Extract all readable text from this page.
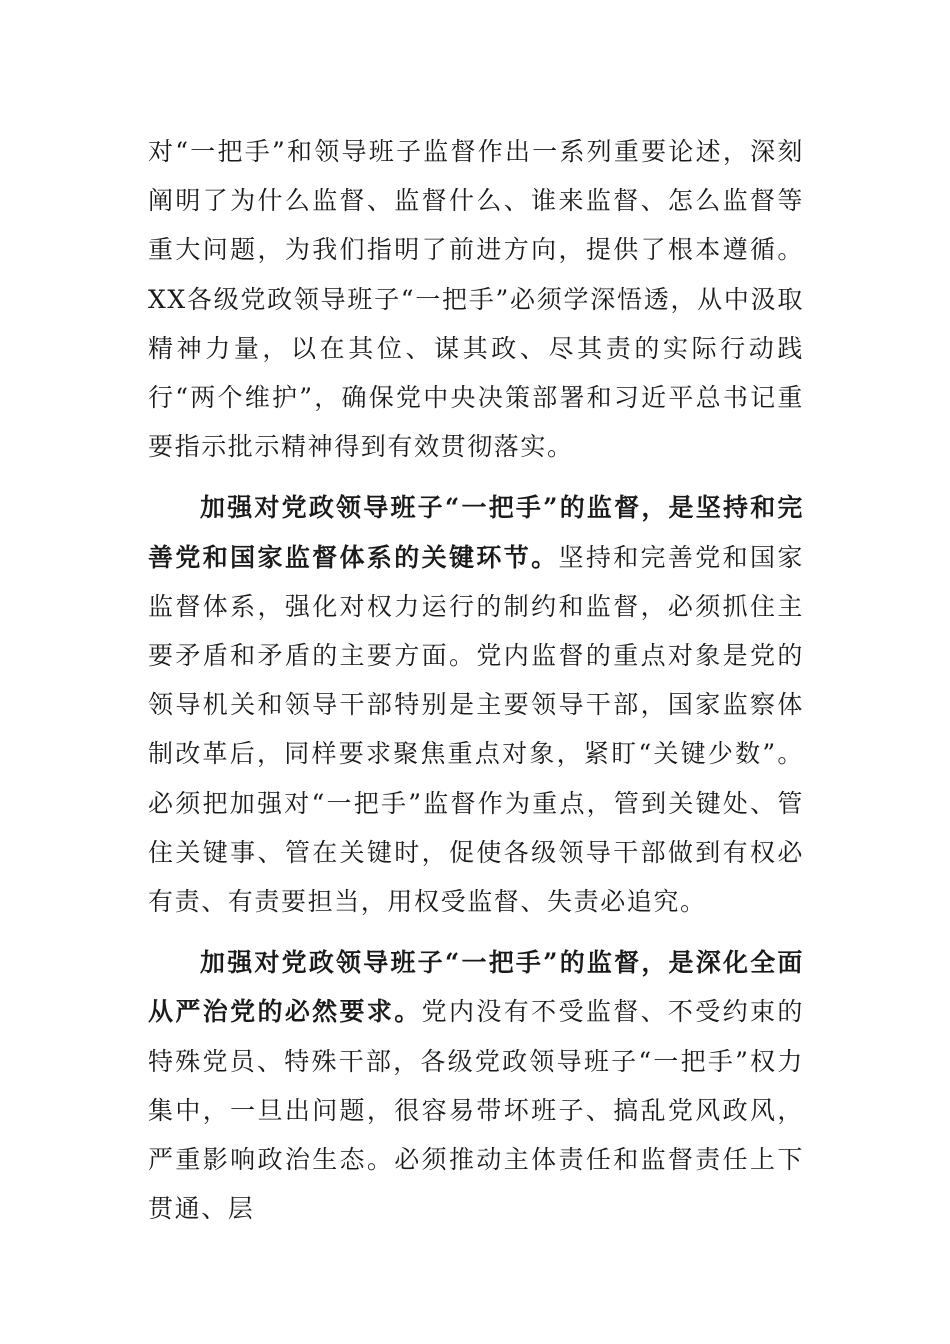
对“一把手”和领导班子监督作出一系列重要论述，深刻阐明了为什么监督、监督什么、谁来监督、怎么监督等重大问题，为我们指明了前进方向，提供了根本遵循。XX各级党政领导班子“一把手”必须学深悟透，从中汲取精神力量，以在其位、谋其政、尽其责的实际行动践行“两个维护”，确保党中央决策部署和习近平总书记重要指示批示精神得到有效贯彻落实。

加强对党政领导班子“一把手”的监督，是坚持和完善党和国家监督体系的关键环节。坚持和完善党和国家监督体系，强化对权力运行的制约和监督，必须抓住主要矛盾和矛盾的主要方面。党内监督的重点对象是党的领导机关和领导干部特别是主要领导干部，国家监察体制改革后，同样要求聚焦重点对象，紧盯“关键少数”。必须把加强对“一把手”监督作为重点，管到关键处、管住关键事、管在关键时，促使各级领导干部做到有权必有责、有责要担当，用权受监督、失责必追究。

加强对党政领导班子“一把手”的监督，是深化全面从严治党的必然要求。党内没有不受监督、不受约束的特殊党员、特殊干部，各级党政领导班子“一把手”权力集中，一旦出问题，很容易带坏班子、搞乱党风政风，严重影响政治生态。必须推动主体责任和监督责任上下贯通、层
